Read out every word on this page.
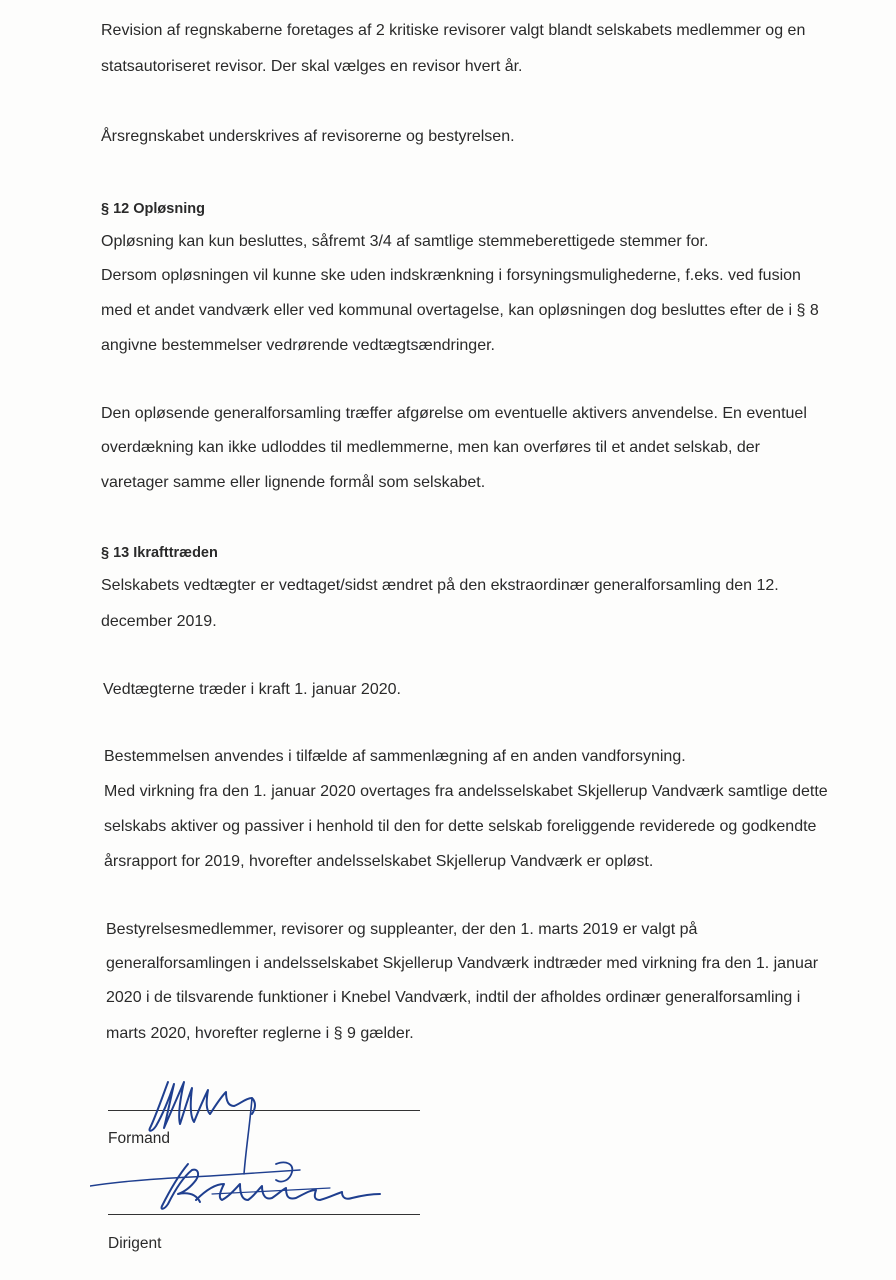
Revision af regnskaberne foretages af 2 kritiske revisorer valgt blandt selskabets medlemmer og en
statsautoriseret revisor. Der skal vælges en revisor hvert år.
Årsregnskabet underskrives af revisorerne og bestyrelsen.
§ 12 Opløsning
Opløsning kan kun besluttes, såfremt 3/4 af samtlige stemmeberettigede stemmer for.
Dersom opløsningen vil kunne ske uden indskrænkning i forsyningsmulighederne, f.eks. ved fusion
med et andet vandværk eller ved kommunal overtagelse, kan opløsningen dog besluttes efter de i § 8
angivne bestemmelser vedrørende vedtægtsændringer.
Den opløsende generalforsamling træffer afgørelse om eventuelle aktivers anvendelse. En eventuel
overdækning kan ikke udloddes til medlemmerne, men kan overføres til et andet selskab, der
varetager samme eller lignende formål som selskabet.
§ 13 Ikrafttræden
Selskabets vedtægter er vedtaget/sidst ændret på den ekstraordinær generalforsamling den 12.
december 2019.
Vedtægterne træder i kraft 1. januar 2020.
Bestemmelsen anvendes i tilfælde af sammenlægning af en anden vandforsyning.
Med virkning fra den 1. januar 2020 overtages fra andelsselskabet Skjellerup Vandværk samtlige dette
selskabs aktiver og passiver i henhold til den for dette selskab foreliggende reviderede og godkendte
årsrapport for 2019, hvorefter andelsselskabet Skjellerup Vandværk er opløst.
Bestyrelsesmedlemmer, revisorer og suppleanter, der den 1. marts 2019 er valgt på
generalforsamlingen i andelsselskabet Skjellerup Vandværk indtræder med virkning fra den 1. januar
2020 i de tilsvarende funktioner i Knebel Vandværk, indtil der afholdes ordinær generalforsamling i
marts 2020, hvorefter reglerne i § 9 gælder.
Formand
Dirigent
